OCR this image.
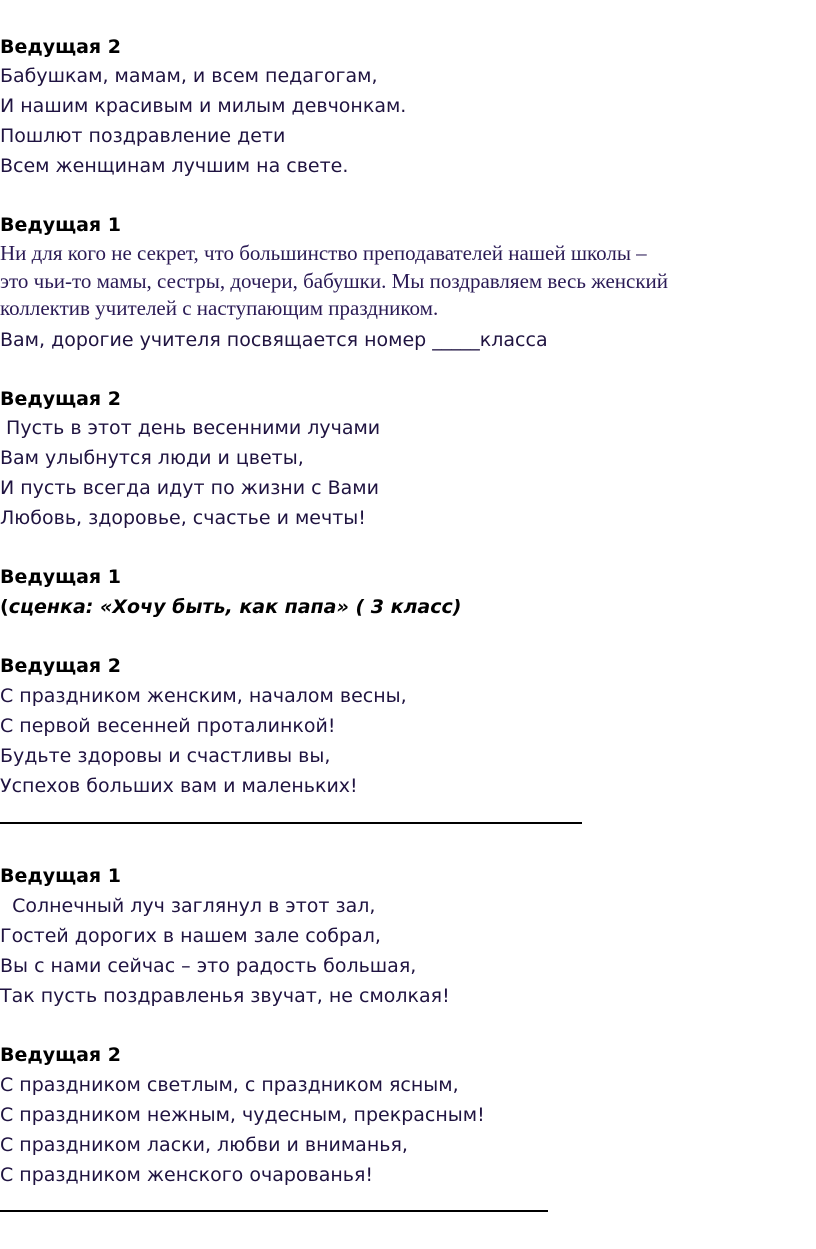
Ведущая 2
Бабушкам, мамам, и всем педагогам,
И нашим красивым и милым девчонкам.
Пошлют поздравление дети
Всем женщинам лучшим на свете.
Ведущая 1
Ни для кого не секрет, что большинство преподавателей нашей школы –
это чьи-то мамы, сестры, дочери, бабушки. Мы поздравляем весь женский
коллектив учителей с наступающим праздником.
Вам, дорогие учителя посвящается номер _____класса
Ведущая 2
Пусть в этот день весенними лучами
Вам улыбнутся люди и цветы,
И пусть всегда идут по жизни с Вами
Любовь, здоровье, счастье и мечты!
Ведущая 1
(сценка: «Хочу быть, как папа» ( 3 класс)
Ведущая 2
С праздником женским, началом весны,
С первой весенней проталинкой!
Будьте здоровы и счастливы вы,
Успехов больших вам и маленьких!
Ведущая 1
Солнечный луч заглянул в этот зал,
Гостей дорогих в нашем зале собрал,
Вы с нами сейчас – это радость большая,
Так пусть поздравленья звучат, не смолкая!
Ведущая 2
С праздником светлым, с праздником ясным,
С праздником нежным, чудесным, прекрасным!
С праздником ласки, любви и вниманья,
С праздником женского очарованья!
